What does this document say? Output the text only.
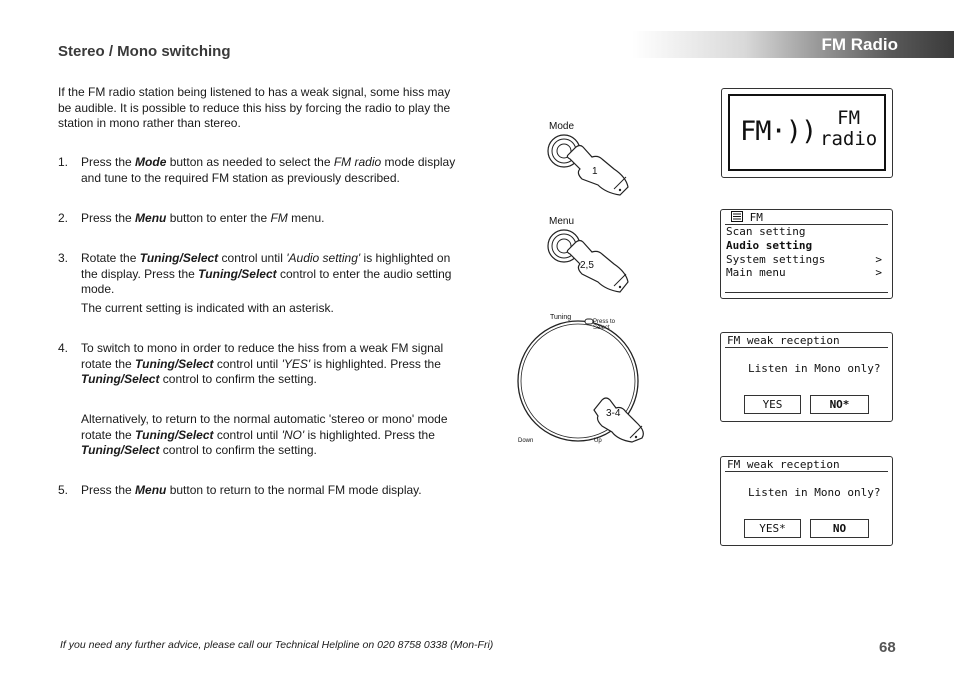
FM Radio
Stereo / Mono switching
If the FM radio station being listened to has a weak signal, some hiss may be audible. It is possible to reduce this hiss by forcing the radio to play the station in mono rather than stereo.
1. Press the Mode button as needed to select the FM radio mode display and tune to the required FM station as previously described.
2. Press the Menu button to enter the FM menu.
3. Rotate the Tuning/Select control until 'Audio setting' is highlighted on the display. Press the Tuning/Select control to enter the audio setting mode.
The current setting is indicated with an asterisk.
4. To switch to mono in order to reduce the hiss from a weak FM signal rotate the Tuning/Select control until 'YES' is highlighted. Press the Tuning/Select control to confirm the setting.
Alternatively, to return to the normal automatic 'stereo or mono' mode rotate the Tuning/Select control until 'NO' is highlighted. Press the Tuning/Select control to confirm the setting.
5. Press the Menu button to return to the normal FM mode display.
Mode
1
Menu
2,5
Tuning
Press to Select
3-4
Down	Up
FM·))	FM
radio
FM
Scan setting
Audio setting
System settings	>
Main menu	>
FM weak reception
Listen in Mono only?
YES	NO*
FM weak reception
Listen in Mono only?
YES*	NO
If you need any further advice, please call our Technical Helpline on 020 8758 0338 (Mon-Fri)	68
